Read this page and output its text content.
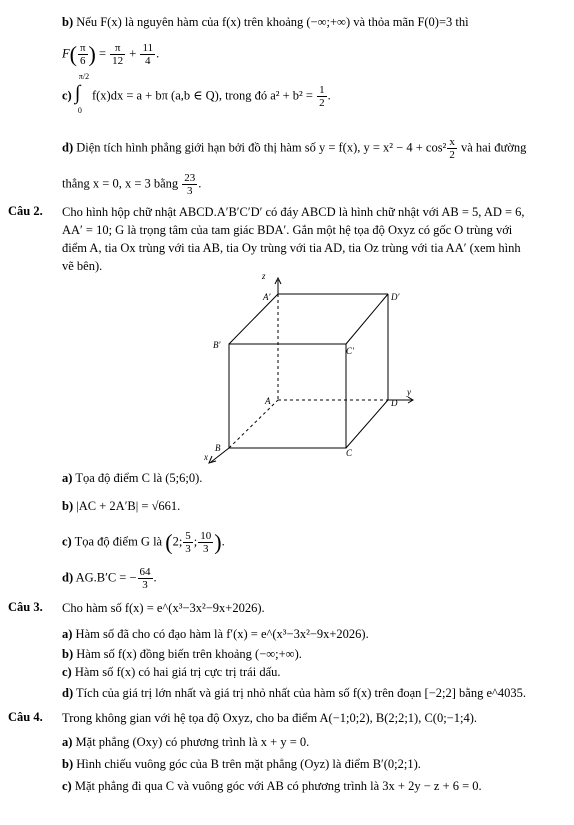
b) Nếu F(x) là nguyên hàm của f(x) trên khoảng (−∞;+∞) và thỏa mãn F(0)=3 thì
$F( \frac{\pi}{6}$ ) = $\frac{\pi}{12} + \frac{11}{4}$ .
c)
π/2
∫
0
f(x)dx = a + bπ (a,b ∈ Q), trong đó $a^2 + b^2 = \frac{1}{2}$ .
d) Diện tích hình phẳng giới hạn bởi đồ thị hàm số y = f(x), $y = x^2 - 4 + \cos^2 \frac{x}{2}$ và hai đường
thẳng x = 0, x = 3 bằng $\frac{23}{3}$ .
Câu 2. Cho hình hộp chữ nhật ABCD.A′B′C′D′ có đáy ABCD là hình chữ nhật với AB = 5, AD = 6,
AA′ = 10; G là trọng tâm của tam giác BDA′. Gắn một hệ tọa độ Oxyz có gốc O trùng với
điểm A, tia Ox trùng với tia AB, tia Oy trùng với tia AD, tia Oz trùng với tia AA′ (xem hình
vẽ bên).
z
A′	D′
B′
C′
A	D
y
B	C
x
a) Tọa độ điểm C là (5;6;0).
b) |AC + 2A′B| = √661.
c) Tọa độ điểm G là (2; $\frac{5}{3}$ ; $\frac{10}{3}$ ).
d) AG.B′C = − $\frac{64}{3}$ .
Câu 3. Cho hàm số f(x) = e^(x³−3x²−9x+2026).
a) Hàm số đã cho có đạo hàm là f′(x) = e^(x³−3x²−9x+2026).
b) Hàm số f(x) đồng biến trên khoảng (−∞;+∞).
c) Hàm số f(x) có hai giá trị cực trị trái dấu.
d) Tích của giá trị lớn nhất và giá trị nhỏ nhất của hàm số f(x) trên đoạn [−2;2] bằng e^4035.
Câu 4. Trong không gian với hệ tọa độ Oxyz, cho ba điểm A(−1;0;2), B(2;2;1), C(0;−1;4).
a) Mặt phẳng (Oxy) có phương trình là x + y = 0.
b) Hình chiếu vuông góc của B trên mặt phẳng (Oyz) là điểm B′(0;2;1).
c) Mặt phẳng đi qua C và vuông góc với AB có phương trình là 3x + 2y − z + 6 = 0.
